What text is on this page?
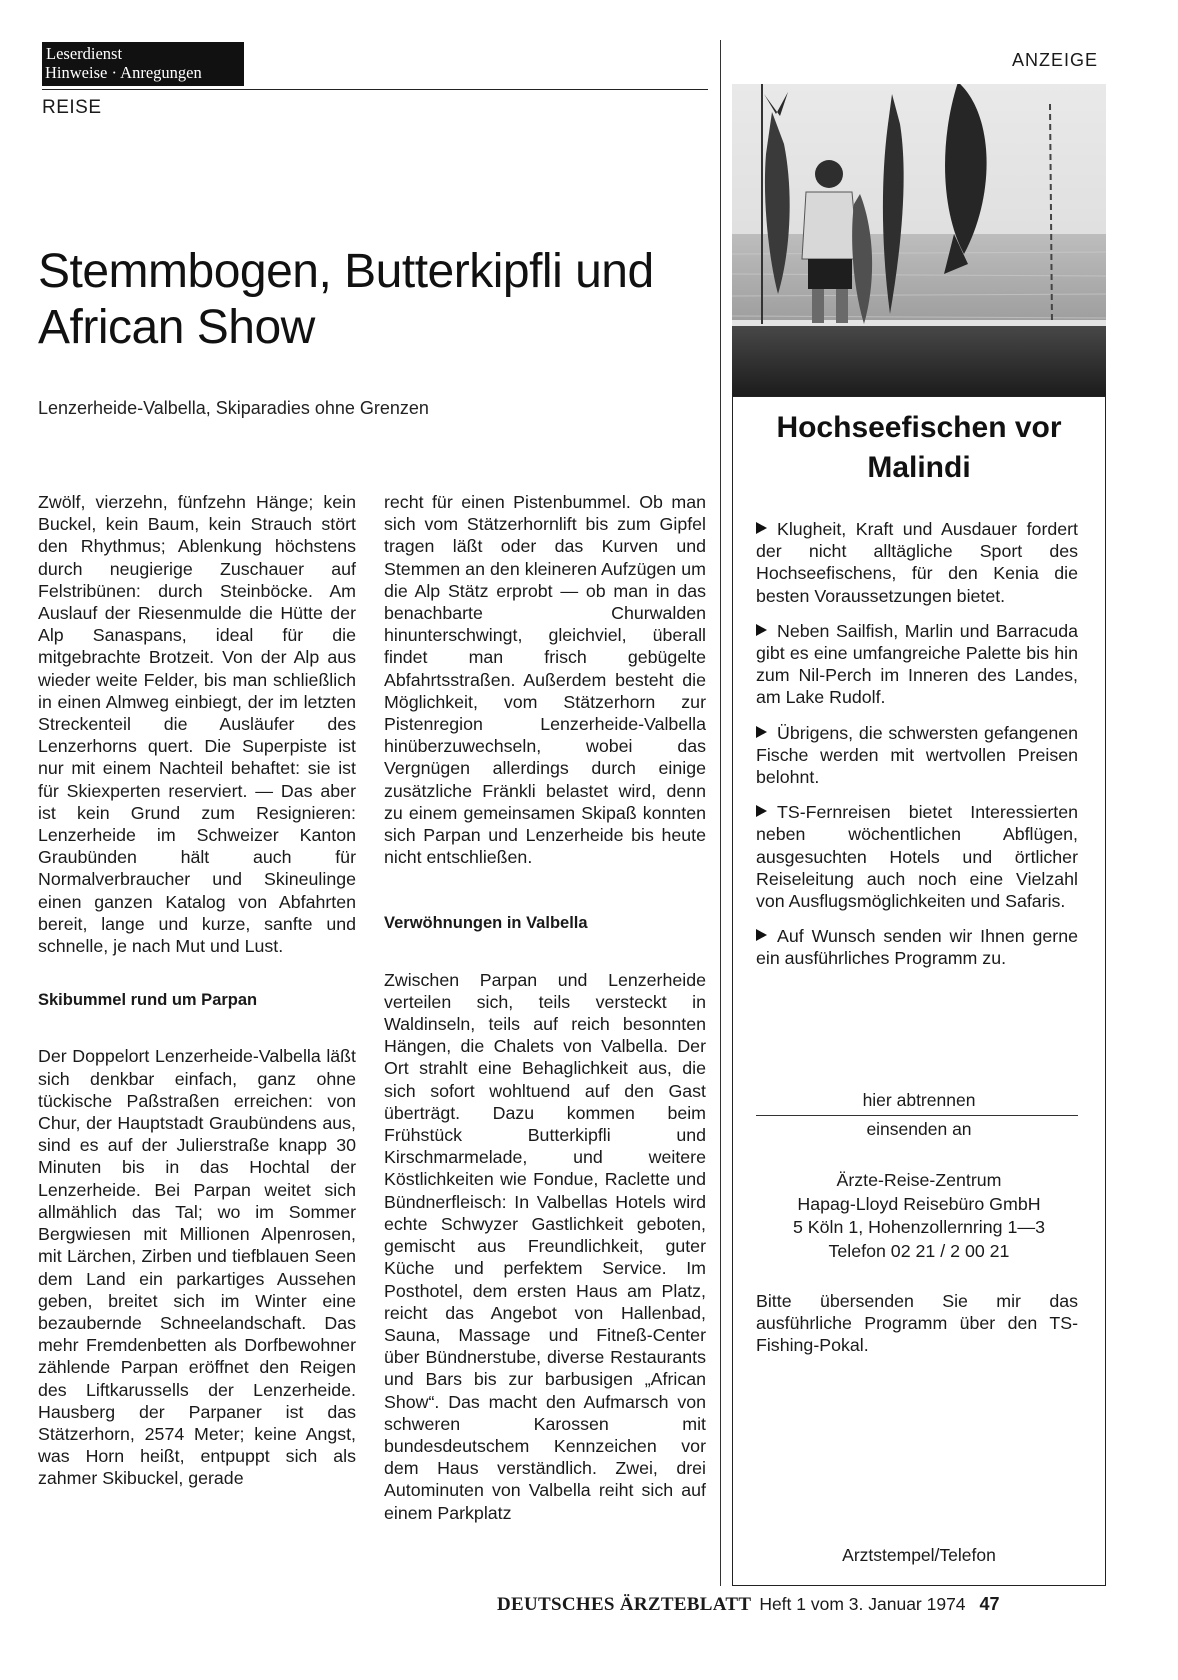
Leserdienst
Hinweise · Anregungen
REISE
Stemmbogen, Butterkipfli und African Show
Lenzerheide-Valbella, Skiparadies ohne Grenzen

Zwölf, vierzehn, fünfzehn Hänge; kein Buckel, kein Baum, kein Strauch stört den Rhythmus; Ablenkung höchstens durch neugierige Zuschauer auf Felstribünen: durch Steinböcke. Am Auslauf der Riesenmulde die Hütte der Alp Sanaspans, ideal für die mitgebrachte Brotzeit. Von der Alp aus wieder weite Felder, bis man schließlich in einen Almweg einbiegt, der im letzten Streckenteil die Ausläufer des Lenzerhorns quert. Die Superpiste ist nur mit einem Nachteil behaftet: sie ist für Skiexperten reserviert. — Das aber ist kein Grund zum Resignieren: Lenzerheide im Schweizer Kanton Graubünden hält auch für Normalverbraucher und Skineulinge einen ganzen Katalog von Abfahrten bereit, lange und kurze, sanfte und schnelle, je nach Mut und Lust.

Skibummel rund um Parpan

Der Doppelort Lenzerheide-Valbella läßt sich denkbar einfach, ganz ohne tückische Paßstraßen erreichen: von Chur, der Hauptstadt Graubündens aus, sind es auf der Julierstraße knapp 30 Minuten bis in das Hochtal der Lenzerheide. Bei Parpan weitet sich allmählich das Tal; wo im Sommer Bergwiesen mit Millionen Alpenrosen, mit Lärchen, Zirben und tiefblauen Seen dem Land ein parkartiges Aussehen geben, breitet sich im Winter eine bezaubernde Schneelandschaft. Das mehr Fremdenbetten als Dorfbewohner zählende Parpan eröffnet den Reigen des Liftkarussells der Lenzerheide. Hausberg der Parpaner ist das Stätzerhorn, 2574 Meter; keine Angst, was Horn heißt, entpuppt sich als zahmer Skibuckel, gerade

recht für einen Pistenbummel. Ob man sich vom Stätzerhornlift bis zum Gipfel tragen läßt oder das Kurven und Stemmen an den kleineren Aufzügen um die Alp Stätz erprobt — ob man in das benachbarte Churwalden hinunterschwingt, gleichviel, überall findet man frisch gebügelte Abfahrtsstraßen. Außerdem besteht die Möglichkeit, vom Stätzerhorn zur Pistenregion Lenzerheide-Valbella hinüberzuwechseln, wobei das Vergnügen allerdings durch einige zusätzliche Fränkli belastet wird, denn zu einem gemeinsamen Skipaß konnten sich Parpan und Lenzerheide bis heute nicht entschließen.

Verwöhnungen in Valbella

Zwischen Parpan und Lenzerheide verteilen sich, teils versteckt in Waldinseln, teils auf reich besonnten Hängen, die Chalets von Valbella. Der Ort strahlt eine Behaglichkeit aus, die sich sofort wohltuend auf den Gast überträgt. Dazu kommen beim Frühstück Butterkipfli und Kirschmarmelade, und weitere Köstlichkeiten wie Fondue, Raclette und Bündnerfleisch: In Valbellas Hotels wird echte Schwyzer Gastlichkeit geboten, gemischt aus Freundlichkeit, guter Küche und perfektem Service. Im Posthotel, dem ersten Haus am Platz, reicht das Angebot von Hallenbad, Sauna, Massage und Fitneß-Center über Bündnerstube, diverse Restaurants und Bars bis zur barbusigen „African Show“. Das macht den Aufmarsch von schweren Karossen mit bundesdeutschem Kennzeichen vor dem Haus verständlich. Zwei, drei Autominuten von Valbella reiht sich auf einem Parkplatz

ANZEIGE
Hochseefischen vor Malindi

Klugheit, Kraft und Ausdauer fordert der nicht alltägliche Sport des Hochseefischens, für den Kenia die besten Voraussetzungen bietet.

Neben Sailfish, Marlin und Barracuda gibt es eine umfangreiche Palette bis hin zum Nil-Perch im Inneren des Landes, am Lake Rudolf.

Übrigens, die schwersten gefangenen Fische werden mit wertvollen Preisen belohnt.

TS-Fernreisen bietet Interessierten neben wöchentlichen Abflügen, ausgesuchten Hotels und örtlicher Reiseleitung auch noch eine Vielzahl von Ausflugsmöglichkeiten und Safaris.

Auf Wunsch senden wir Ihnen gerne ein ausführliches Programm zu.

hier abtrennen
einsenden an
Ärzte-Reise-Zentrum
Hapag-Lloyd Reisebüro GmbH
5 Köln 1, Hohenzollernring 1—3
Telefon 02 21 / 2 00 21

Bitte übersenden Sie mir das ausführliche Programm über den TS-Fishing-Pokal.

Arztstempel/Telefon
DEUTSCHES ÄRZTEBLATT Heft 1 vom 3. Januar 1974 47
